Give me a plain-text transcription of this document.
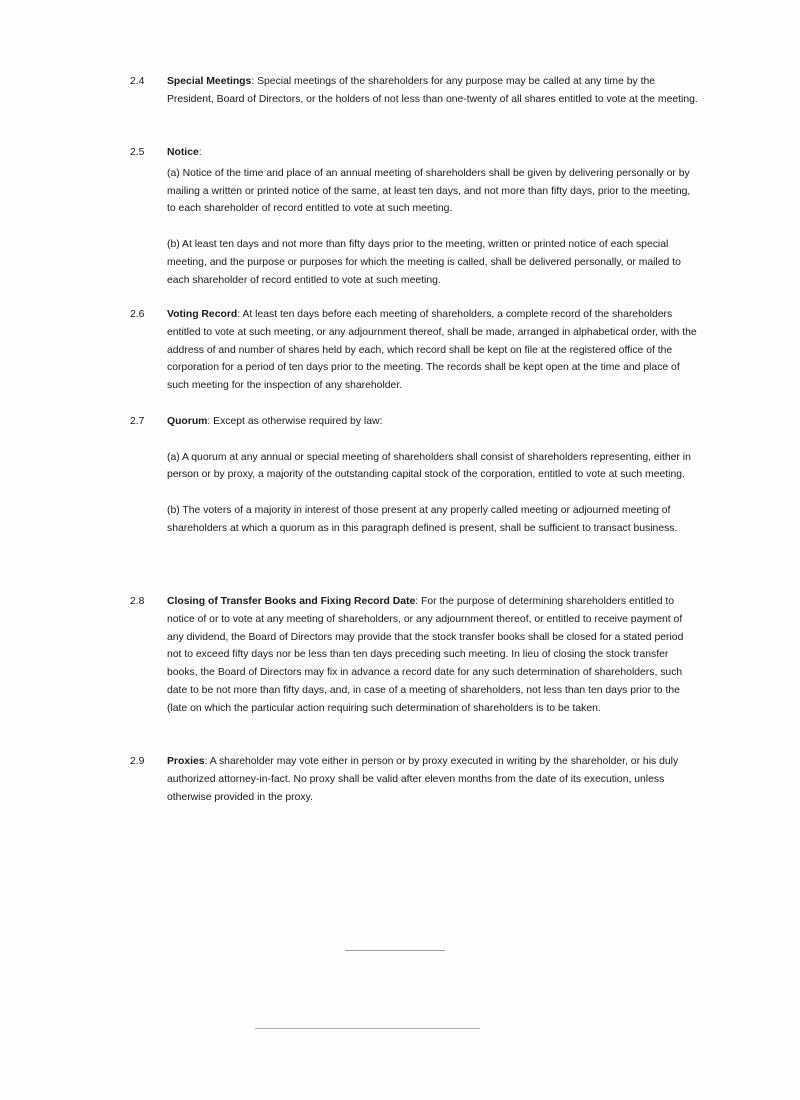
2.4	Special Meetings: Special meetings of the shareholders for any purpose may be called at any time by the President, Board of Directors, or the holders of not less than one-twenty of all shares entitled to vote at the meeting.

2.5	Notice:

(a) Notice of the time and place of an annual meeting of shareholders shall be given by delivering personally or by mailing a written or printed notice of the same, at least ten days, and not more than fifty days, prior to the meeting, to each shareholder of record entitled to vote at such meeting.

(b) At least ten days and not more than fifty days prior to the meeting, written or printed notice of each special meeting, and the purpose or purposes for which the meeting is called, shall be delivered personally, or mailed to each shareholder of record entitled to vote at such meeting.

2.6	Voting Record: At least ten days before each meeting of shareholders, a complete record of the shareholders entitled to vote at such meeting, or any adjournment thereof, shall be made, arranged in alphabetical order, with the address of and number of shares held by each, which record shall be kept on file at the registered office of the corporation for a period of ten days prior to the meeting. The records shall be kept open at the time and place of such meeting for the inspection of any shareholder.

2.7	Quorum: Except as otherwise required by law:

(a) A quorum at any annual or special meeting of shareholders shall consist of shareholders representing, either in person or by proxy, a majority of the outstanding capital stock of the corporation, entitled to vote at such meeting.

(b) The voters of a majority in interest of those present at any properly called meeting or adjourned meeting of shareholders at which a quorum as in this paragraph defined is present, shall be sufficient to transact business.

2.8	Closing of Transfer Books and Fixing Record Date: For the purpose of determining shareholders entitled to notice of or to vote at any meeting of shareholders, or any adjournment thereof, or entitled to receive payment of any dividend, the Board of Directors may provide that the stock transfer books shall be closed for a stated period not to exceed fifty days nor be less than ten days preceding such meeting. In lieu of closing the stock transfer books, the Board of Directors may fix in advance a record date for any such determination of shareholders, such date to be not more than fifty days, and, in case of a meeting of shareholders, not less than ten days prior to the (late on which the particular action requiring such determination of shareholders is to be taken.

2.9	Proxies: A shareholder may vote either in person or by proxy executed in writing by the shareholder, or his duly authorized attorney-in-fact. No proxy shall be valid after eleven months from the date of its execution, unless otherwise provided in the proxy.
